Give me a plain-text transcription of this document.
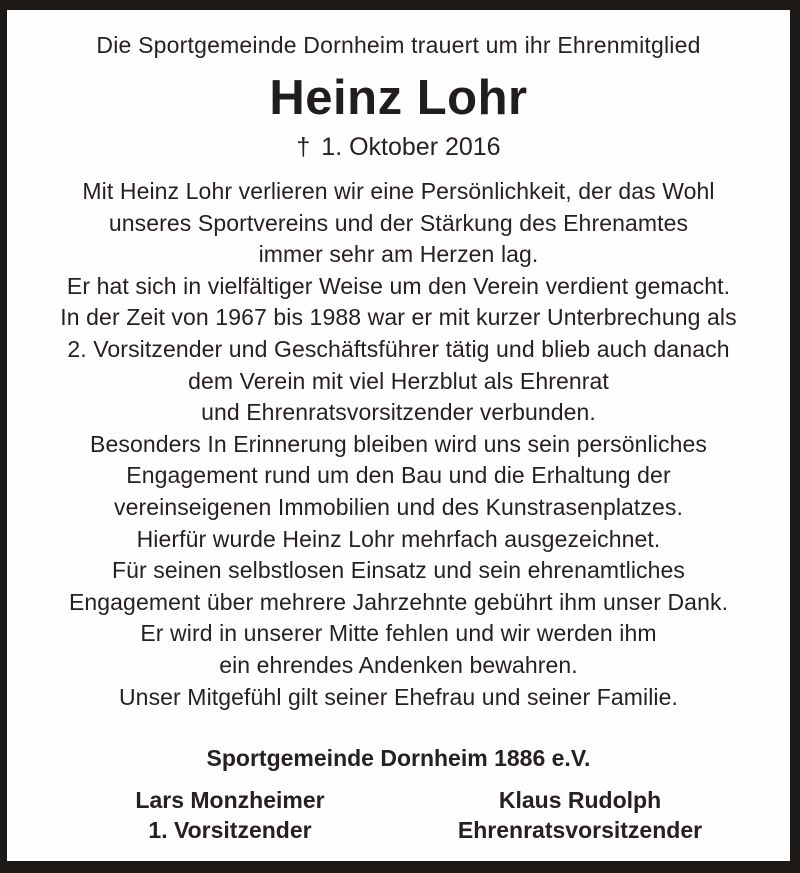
Die Sportgemeinde Dornheim trauert um ihr Ehrenmitglied
Heinz Lohr
† 1. Oktober 2016
Mit Heinz Lohr verlieren wir eine Persönlichkeit, der das Wohl
unseres Sportvereins und der Stärkung des Ehrenamtes
immer sehr am Herzen lag.
Er hat sich in vielfältiger Weise um den Verein verdient gemacht.
In der Zeit von 1967 bis 1988 war er mit kurzer Unterbrechung als
2. Vorsitzender und Geschäftsführer tätig und blieb auch danach
dem Verein mit viel Herzblut als Ehrenrat
und Ehrenratsvorsitzender verbunden.
Besonders In Erinnerung bleiben wird uns sein persönliches
Engagement rund um den Bau und die Erhaltung der
vereinseigenen Immobilien und des Kunstrasenplatzes.
Hierfür wurde Heinz Lohr mehrfach ausgezeichnet.
Für seinen selbstlosen Einsatz und sein ehrenamtliches
Engagement über mehrere Jahrzehnte gebührt ihm unser Dank.
Er wird in unserer Mitte fehlen und wir werden ihm
ein ehrendes Andenken bewahren.
Unser Mitgefühl gilt seiner Ehefrau und seiner Familie.
Sportgemeinde Dornheim 1886 e.V.
Lars Monzheimer
1. Vorsitzender
Klaus Rudolph
Ehrenratsvorsitzender
